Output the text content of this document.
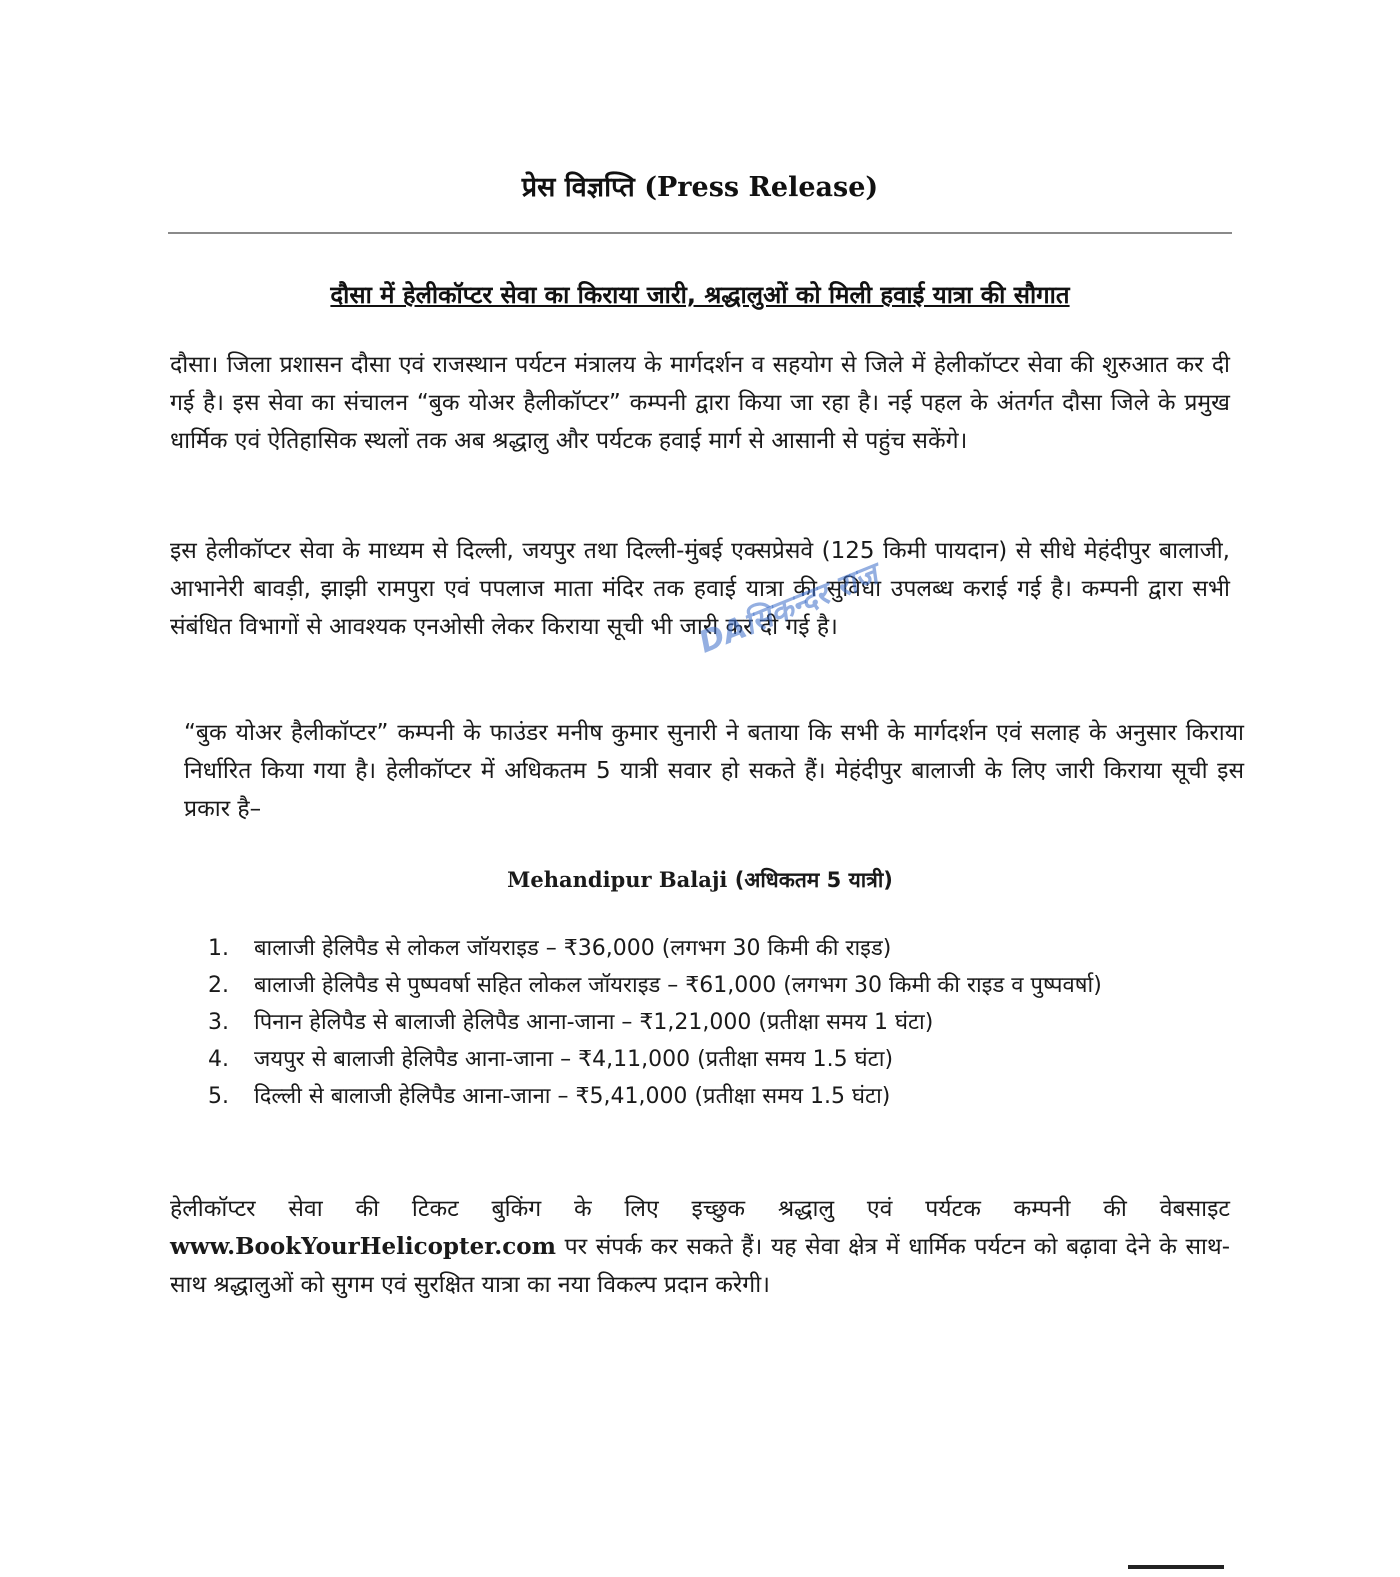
प्रेस विज्ञप्ति (Press Release)
दौसा में हेलीकॉप्टर सेवा का किराया जारी, श्रद्धालुओं को मिली हवाई यात्रा की सौगात

दौसा। जिला प्रशासन दौसा एवं राजस्थान पर्यटन मंत्रालय के मार्गदर्शन व सहयोग से जिले में हेलीकॉप्टर सेवा की शुरुआत कर दी गई है। इस सेवा का संचालन “बुक योअर हैलीकॉप्टर” कम्पनी द्वारा किया जा रहा है। नई पहल के अंतर्गत दौसा जिले के प्रमुख धार्मिक एवं ऐतिहासिक स्थलों तक अब श्रद्धालु और पर्यटक हवाई मार्ग से आसानी से पहुंच सकेंगे।

इस हेलीकॉप्टर सेवा के माध्यम से दिल्ली, जयपुर तथा दिल्ली-मुंबई एक्सप्रेसवे (125 किमी पायदान) से सीधे मेहंदीपुर बालाजी, आभानेरी बावड़ी, झाझी रामपुरा एवं पपलाज माता मंदिर तक हवाई यात्रा की सुविधा उपलब्ध कराई गई है। कम्पनी द्वारा सभी संबंधित विभागों से आवश्यक एनओसी लेकर किराया सूची भी जारी कर दी गई है।

“बुक योअर हैलीकॉप्टर” कम्पनी के फाउंडर मनीष कुमार सुनारी ने बताया कि सभी के मार्गदर्शन एवं सलाह के अनुसार किराया निर्धारित किया गया है। हेलीकॉप्टर में अधिकतम 5 यात्री सवार हो सकते हैं। मेहंदीपुर बालाजी के लिए जारी किराया सूची इस प्रकार है–

Mehandipur Balaji (अधिकतम 5 यात्री)
1. बालाजी हेलिपैड से लोकल जॉयराइड – ₹36,000 (लगभग 30 किमी की राइड)
2. बालाजी हेलिपैड से पुष्पवर्षा सहित लोकल जॉयराइड – ₹61,000 (लगभग 30 किमी की राइड व पुष्पवर्षा)
3. पिनान हेलिपैड से बालाजी हेलिपैड आना-जाना – ₹1,21,000 (प्रतीक्षा समय 1 घंटा)
4. जयपुर से बालाजी हेलिपैड आना-जाना – ₹4,11,000 (प्रतीक्षा समय 1.5 घंटा)
5. दिल्ली से बालाजी हेलिपैड आना-जाना – ₹5,41,000 (प्रतीक्षा समय 1.5 घंटा)

हेलीकॉप्टर सेवा की टिकट बुकिंग के लिए इच्छुक श्रद्धालु एवं पर्यटक कम्पनी की वेबसाइट www.BookYourHelicopter.com पर संपर्क कर सकते हैं। यह सेवा क्षेत्र में धार्मिक पर्यटन को बढ़ावा देने के साथ-साथ श्रद्धालुओं को सुगम एवं सुरक्षित यात्रा का नया विकल्प प्रदान करेगी।

DAसिकन्दर राज
